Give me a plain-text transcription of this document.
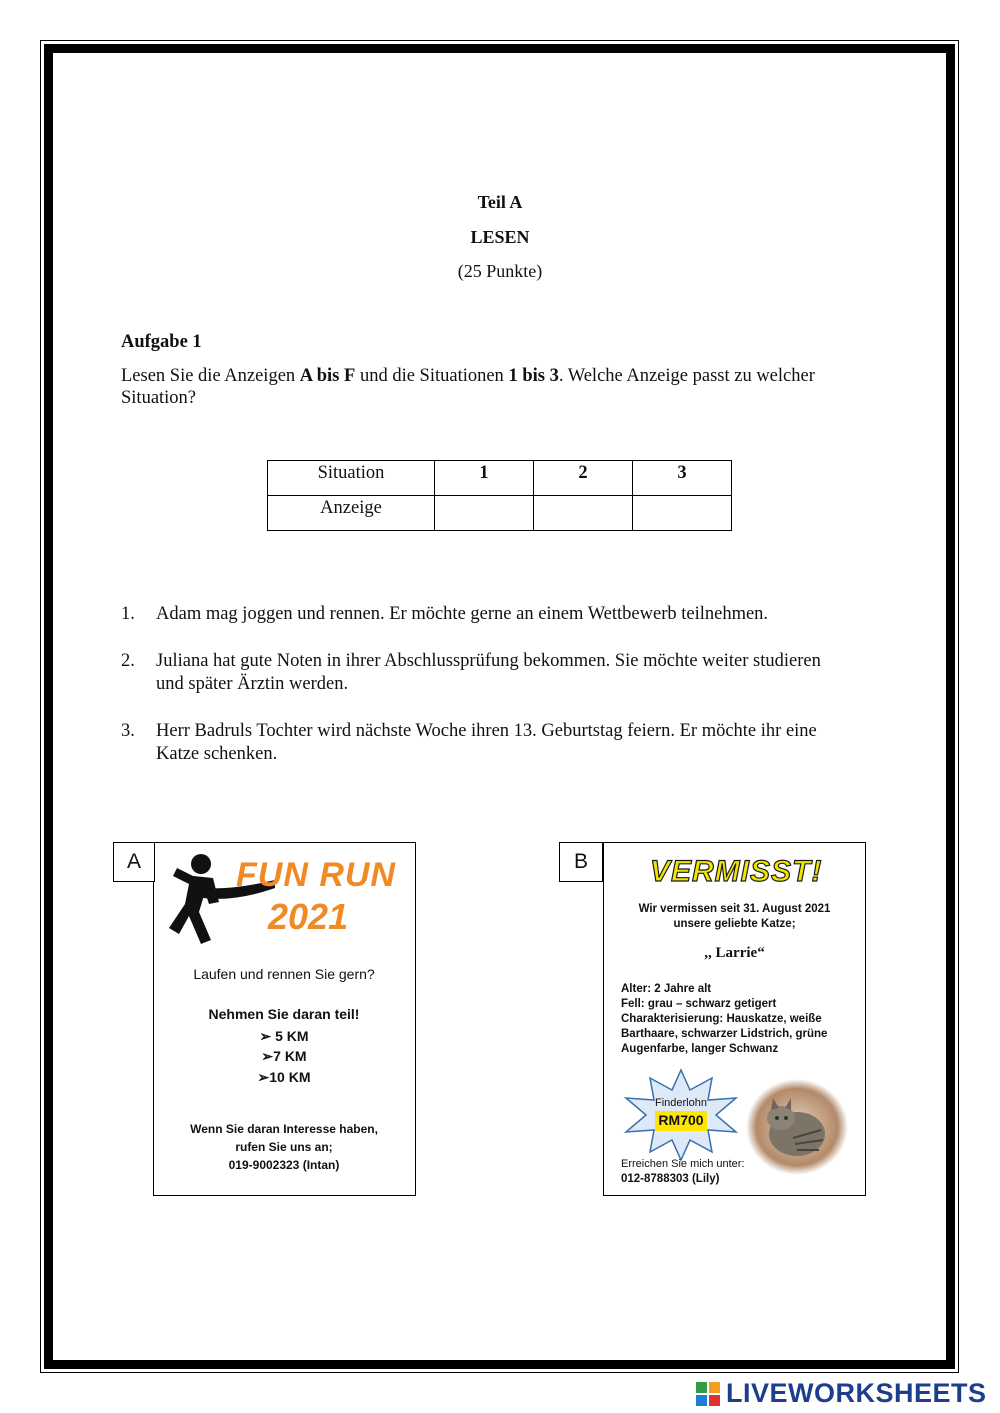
Teil A
LESEN
(25 Punkte)
Aufgabe 1
Lesen Sie die Anzeigen A bis F und die Situationen 1 bis 3. Welche Anzeige passt zu welcher
Situation?
Situation	1	2	3
Anzeige			
1. Adam mag joggen und rennen. Er möchte gerne an einem Wettbewerb teilnehmen.
2. Juliana hat gute Noten in ihrer Abschlussprüfung bekommen. Sie möchte weiter studieren
und später Ärztin werden.
3. Herr Badruls Tochter wird nächste Woche ihren 13. Geburtstag feiern. Er möchte ihr eine
Katze schenken.
A	FUN RUN
2021
Laufen und rennen Sie gern?
Nehmen Sie daran teil!
➢ 5 KM
➢7 KM
➢10 KM
Wenn Sie daran Interesse haben,
rufen Sie uns an;
019-9002323 (Intan)
B	VERMISST!
Wir vermissen seit 31. August 2021
unsere geliebte Katze;
,, Larrie“
Alter: 2 Jahre alt
Fell: grau – schwarz getigert
Charakterisierung: Hauskatze, weiße
Barthaare, schwarzer Lidstrich, grüne
Augenfarbe, langer Schwanz
Finderlohn
RM700
Erreichen Sie mich unter:
012-8788303 (Lily)
LIVEWORKSHEETS
